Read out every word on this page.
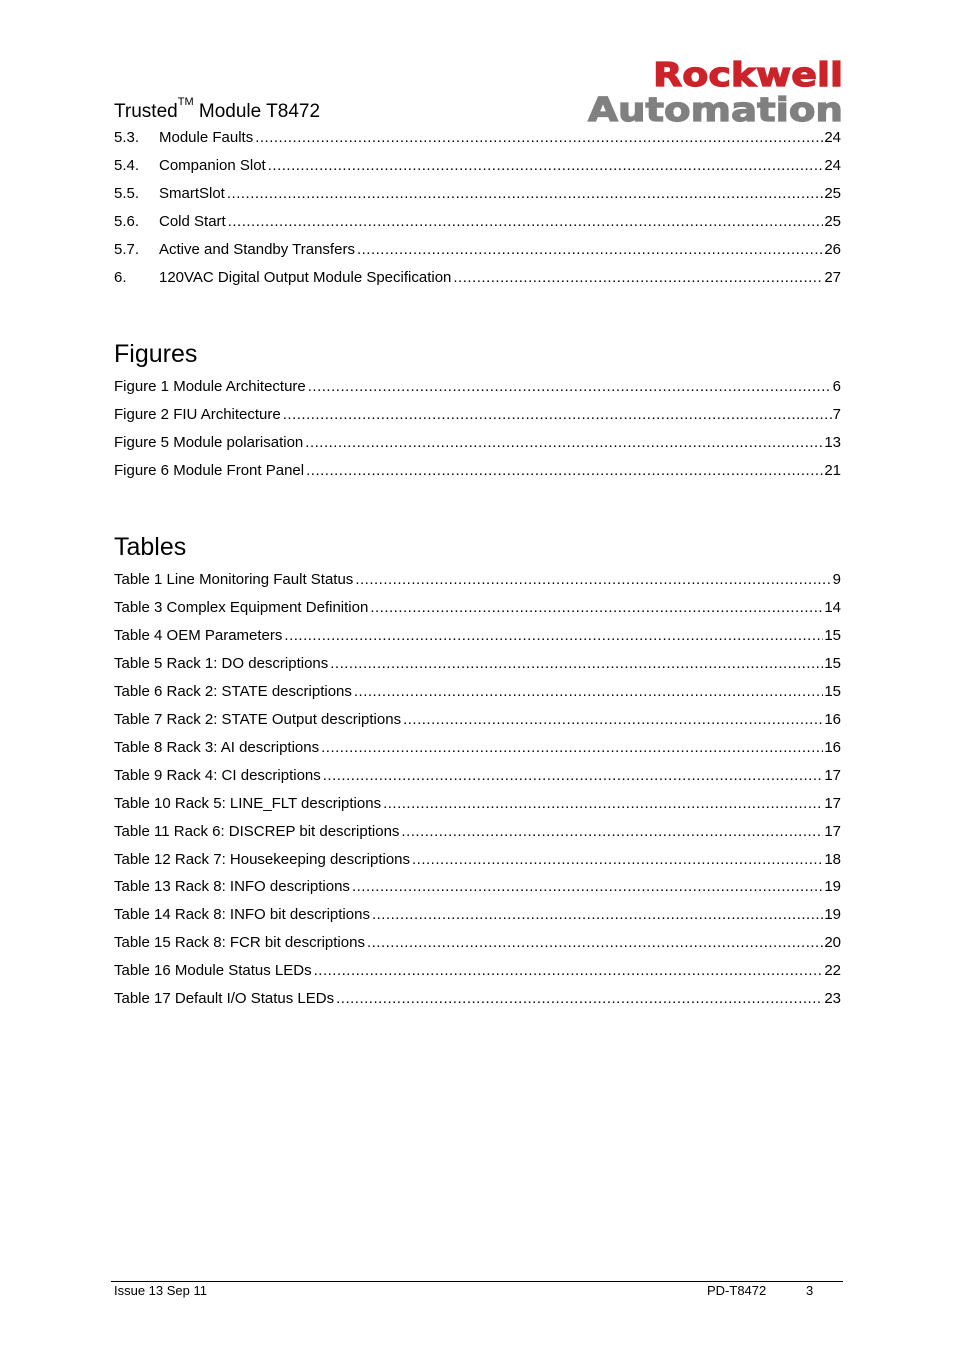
Trusted™ Module T8472
Rockwell
Automation
5.3.	Module Faults .....	24
5.4.	Companion Slot .....	24
5.5.	SmartSlot .....	25
5.6.	Cold Start .....	25
5.7.	Active and Standby Transfers .....	26
6.	120VAC Digital Output Module Specification .....	27
Figures
Figure 1 Module Architecture .....	6
Figure 2 FIU Architecture .....	7
Figure 5 Module polarisation .....	13
Figure 6 Module Front Panel .....	21
Tables
Table 1 Line Monitoring Fault Status .....	9
Table 3 Complex Equipment Definition .....	14
Table 4 OEM Parameters .....	15
Table 5 Rack 1: DO descriptions .....	15
Table 6 Rack 2: STATE descriptions .....	15
Table 7 Rack 2: STATE Output descriptions .....	16
Table 8 Rack 3: AI descriptions .....	16
Table 9 Rack 4: CI descriptions .....	17
Table 10 Rack 5: LINE_FLT descriptions .....	17
Table 11 Rack 6: DISCREP bit descriptions .....	17
Table 12 Rack 7: Housekeeping descriptions .....	18
Table 13 Rack 8: INFO descriptions .....	19
Table 14 Rack 8: INFO bit descriptions .....	19
Table 15 Rack 8: FCR bit descriptions .....	20
Table 16 Module Status LEDs .....	22
Table 17 Default I/O Status LEDs .....	23
Issue 13 Sep 11	PD-T8472	3
